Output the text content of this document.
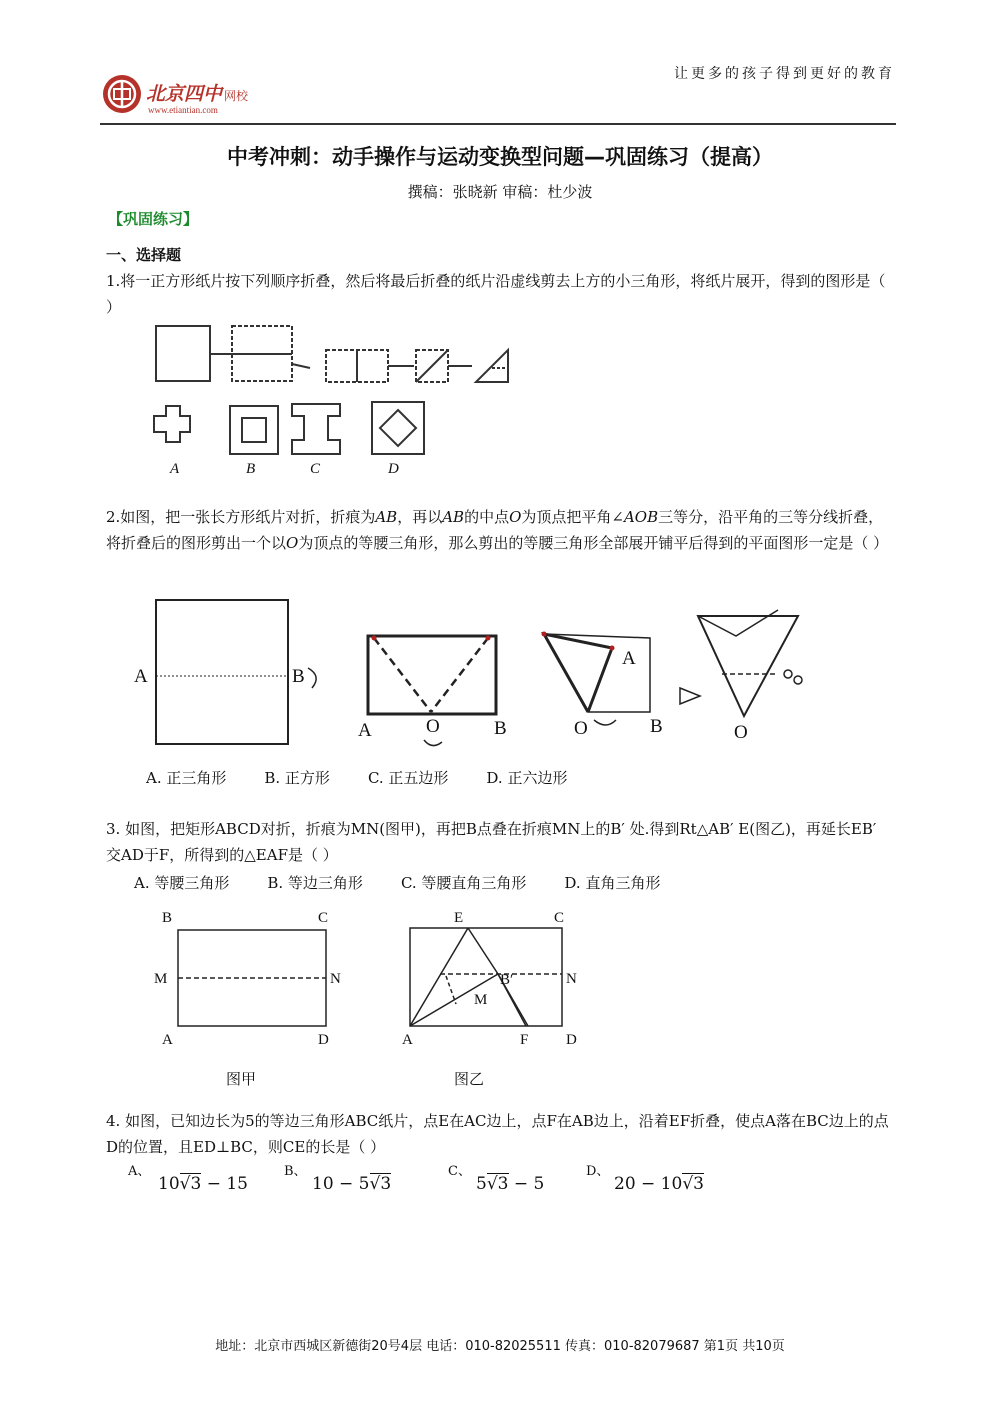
北京四中 网校
www.etiantian.com
让更多的孩子得到更好的教育
中考冲刺：动手操作与运动变换型问题—巩固练习（提高）
撰稿：张晓新 审稿：杜少波
【巩固练习】
一、选择题
1.将一正方形纸片按下列顺序折叠，然后将最后折叠的纸片沿虚线剪去上方的小三角形，将纸片展开，得到的图形是（ ）
A	B	C	D
2.如图，把一张长方形纸片对折，折痕为AB，再以AB的中点O为顶点把平角∠AOB三等分，沿平角的三等分线折叠，将折叠后的图形剪出一个以O为顶点的等腰三角形，那么剪出的等腰三角形全部展开铺平后得到的平面图形一定是（ ）
A	B
A	O	B
A
O	B	O
A. 正三角形	B. 正方形	C. 正五边形	D. 正六边形
3. 如图，把矩形ABCD对折，折痕为MN(图甲)，再把B点叠在折痕MN上的B′ 处.得到Rt△AB′ E(图乙)，再延长EB′ 交AD于F，所得到的△EAF是（ ）
A. 等腰三角形	B. 等边三角形	C. 等腰直角三角形	D. 直角三角形
B	C
M	N
A	D
E	C
B′	N
M
A	F	D
图甲	图乙
4. 如图，已知边长为5的等边三角形ABC纸片，点E在AC边上，点F在AB边上，沿着EF折叠，使点A落在BC边上的点D的位置，且ED⊥BC，则CE的长是（ ）
A、
10√3 − 15
B、
10 − 5√3
C、
5√3 − 5
D、
20 − 10√3
地址：北京市西城区新德街20号4层 电话：010-82025511 传真：010-82079687 第1页 共10页
